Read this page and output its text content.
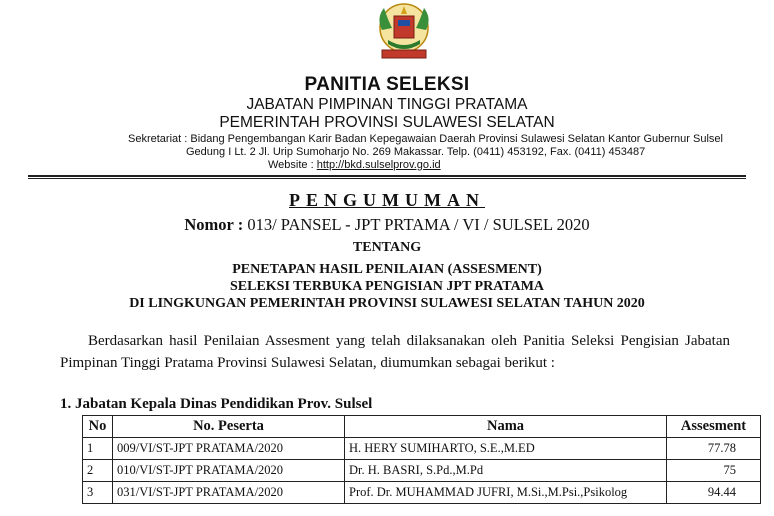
PANITIA SELEKSI
JABATAN PIMPINAN TINGGI PRATAMA
PEMERINTAH PROVINSI SULAWESI SELATAN
Sekretariat : Bidang Pengembangan Karir Badan Kepegawaian Daerah Provinsi Sulawesi Selatan Kantor Gubernur Sulsel
Gedung I Lt. 2 Jl. Urip Sumoharjo No. 269 Makassar. Telp. (0411) 453192, Fax. (0411) 453487
Website : http://bkd.sulselprov.go.id
PENGUMUMAN
Nomor : 013/ PANSEL - JPT PRTAMA / VI / SULSEL 2020
TENTANG
PENETAPAN HASIL PENILAIAN (ASSESMENT)
SELEKSI TERBUKA PENGISIAN JPT PRATAMA
DI LINGKUNGAN PEMERINTAH PROVINSI SULAWESI SELATAN TAHUN 2020
Berdasarkan hasil Penilaian Assesment yang telah dilaksanakan oleh Panitia Seleksi Pengisian Jabatan Pimpinan Tinggi Pratama Provinsi Sulawesi Selatan, diumumkan sebagai berikut :
1. Jabatan Kepala Dinas Pendidikan Prov. Sulsel
No	No. Peserta	Nama	Assesment
1	009/VI/ST-JPT PRATAMA/2020	H. HERY SUMIHARTO, S.E.,M.ED	77.78
2	010/VI/ST-JPT PRATAMA/2020	Dr. H. BASRI, S.Pd.,M.Pd	75
3	031/VI/ST-JPT PRATAMA/2020	Prof. Dr. MUHAMMAD JUFRI, M.Si.,M.Psi.,Psikolog	94.44
